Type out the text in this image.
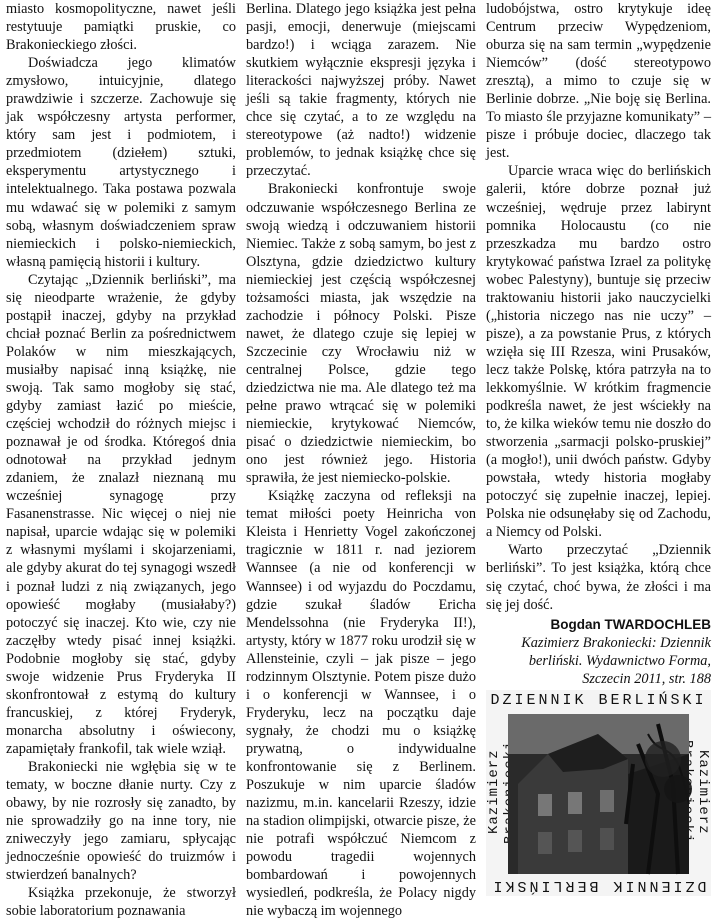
miasto kosmopolityczne, nawet jeśli restytuuje pamiątki pruskie, co Brakonieckiego złości.

Doświadcza jego klimatów zmysłowo, intuicyjnie, dlatego prawdziwie i szczerze. Zachowuje się jak współczesny artysta performer, który sam jest i podmiotem, i przedmiotem (dziełem) sztuki, eksperymentu artystycznego i intelektualnego. Taka postawa pozwala mu wdawać się w polemiki z samym sobą, własnym doświadczeniem spraw niemieckich i polsko-niemieckich, własną pamięcią historii i kultury.

Czytając „Dziennik berliński”, ma się nieodparte wrażenie, że gdyby postąpił inaczej, gdyby na przykład chciał poznać Berlin za pośrednictwem Polaków w nim mieszkających, musiałby napisać inną książkę, nie swoją. Tak samo mogłoby się stać, gdyby zamiast łazić po mieście, częściej wchodził do różnych miejsc i poznawał je od środka. Któregoś dnia odnotował na przykład jednym zdaniem, że znalazł nieznaną mu wcześniej synagogę przy Fasanenstrasse. Nic więcej o niej nie napisał, uparcie wdając się w polemiki z własnymi myślami i skojarzeniami, ale gdyby akurat do tej synagogi wszedł i poznał ludzi z nią związanych, jego opowieść mogłaby (musiałaby?) potoczyć się inaczej. Kto wie, czy nie zaczęłby wtedy pisać innej książki. Podobnie mogłoby się stać, gdyby swoje widzenie Prus Fryderyka II skonfrontował z estymą do kultury francuskiej, z której Fryderyk, monarcha absolutny i oświecony, zapamiętały frankofil, tak wiele wziął.

Brakoniecki nie wgłębia się w te tematy, w boczne dłanie nurty. Czy z obawy, by nie rozrosły się zanadto, by nie sprowadziły go na inne tory, nie zniweczyły jego zamiaru, spłycając jednocześnie opowieść do truizmów i stwierdzeń banalnych?

Książka przekonuje, że stworzył sobie laboratorium poznawania

Berlina. Dlatego jego książka jest pełna pasji, emocji, denerwuje (miejscami bardzo!) i wciąga zarazem. Nie skutkiem wyłącznie ekspresji języka i literackości najwyższej próby. Nawet jeśli są takie fragmenty, których nie chce się czytać, a to ze względu na stereotypowe (aż nadto!) widzenie problemów, to jednak książkę chce się przeczytać.

Brakoniecki konfrontuje swoje odczuwanie współczesnego Berlina ze swoją wiedzą i odczuwaniem historii Niemiec. Także z sobą samym, bo jest z Olsztyna, gdzie dziedzictwo kultury niemieckiej jest częścią współczesnej tożsamości miasta, jak wszędzie na zachodzie i północy Polski. Pisze nawet, że dlatego czuje się lepiej w Szczecinie czy Wrocławiu niż w centralnej Polsce, gdzie tego dziedzictwa nie ma. Ale dlatego też ma pełne prawo wtrącać się w polemiki niemieckie, krytykować Niemców, pisać o dziedzictwie niemieckim, bo ono jest również jego. Historia sprawiła, że jest niemiecko-polskie.

Książkę zaczyna od refleksji na temat miłości poety Heinricha von Kleista i Henrietty Vogel zakończonej tragicznie w 1811 r. nad jeziorem Wannsee (a nie od konferencji w Wannsee) i od wyjazdu do Poczdamu, gdzie szukał śladów Ericha Mendelssohna (nie Fryderyka II!), artysty, który w 1877 roku urodził się w Allensteinie, czyli – jak pisze – jego rodzinnym Olsztynie. Potem pisze dużo i o konferencji w Wannsee, i o Fryderyku, lecz na początku daje sygnały, że chodzi mu o książkę prywatną, o indywidualne konfrontowanie się z Berlinem. Poszukuje w nim uparcie śladów nazizmu, m.in. kancelarii Rzeszy, idzie na stadion olimpijski, otwarcie pisze, że nie potrafi współczuć Niemcom z powodu tragedii wojennych bombardowań i powojennych wysiedleń, podkreśla, że Polacy nigdy nie wybaczą im wojennego

ludobójstwa, ostro krytykuje ideę Centrum przeciw Wypędzeniom, oburza się na sam termin „wypędzenie Niemców” (dość stereotypowo zresztą), a mimo to czuje się w Berlinie dobrze. „Nie boję się Berlina. To miasto śle przyjazne komunikaty” – pisze i próbuje dociec, dlaczego tak jest.

Uparcie wraca więc do berlińskich galerii, które dobrze poznał już wcześniej, wędruje przez labirynt pomnika Holocaustu (co nie przeszkadza mu bardzo ostro krytykować państwa Izrael za politykę wobec Palestyny), buntuje się przeciw traktowaniu historii jako nauczycielki („historia niczego nas nie uczy” – pisze), a za powstanie Prus, z których wzięła się III Rzesza, wini Prusaków, lecz także Polskę, która patrzyła na to lekkomyślnie. W krótkim fragmencie podkreśla nawet, że jest wściekły na to, że kilka wieków temu nie doszło do stworzenia „sarmacji polsko-pruskiej” (a mogło!), unii dwóch państw. Gdyby powstała, wtedy historia mogłaby potoczyć się zupełnie inaczej, lepiej. Polska nie odsunęłaby się od Zachodu, a Niemcy od Polski.

Warto przeczytać „Dziennik berliński”. To jest książka, którą chce się czytać, choć bywa, że złości i ma się jej dość.

Bogdan TWARDOCHLEB

Kazimierz Brakoniecki: Dziennik berliński. Wydawnictwo Forma, Szczecin 2011, str. 188

DZIENNIK BERLIŃSKI
Kazimierz	Kazimierz
DZIENNIK BERLIŃSKI
